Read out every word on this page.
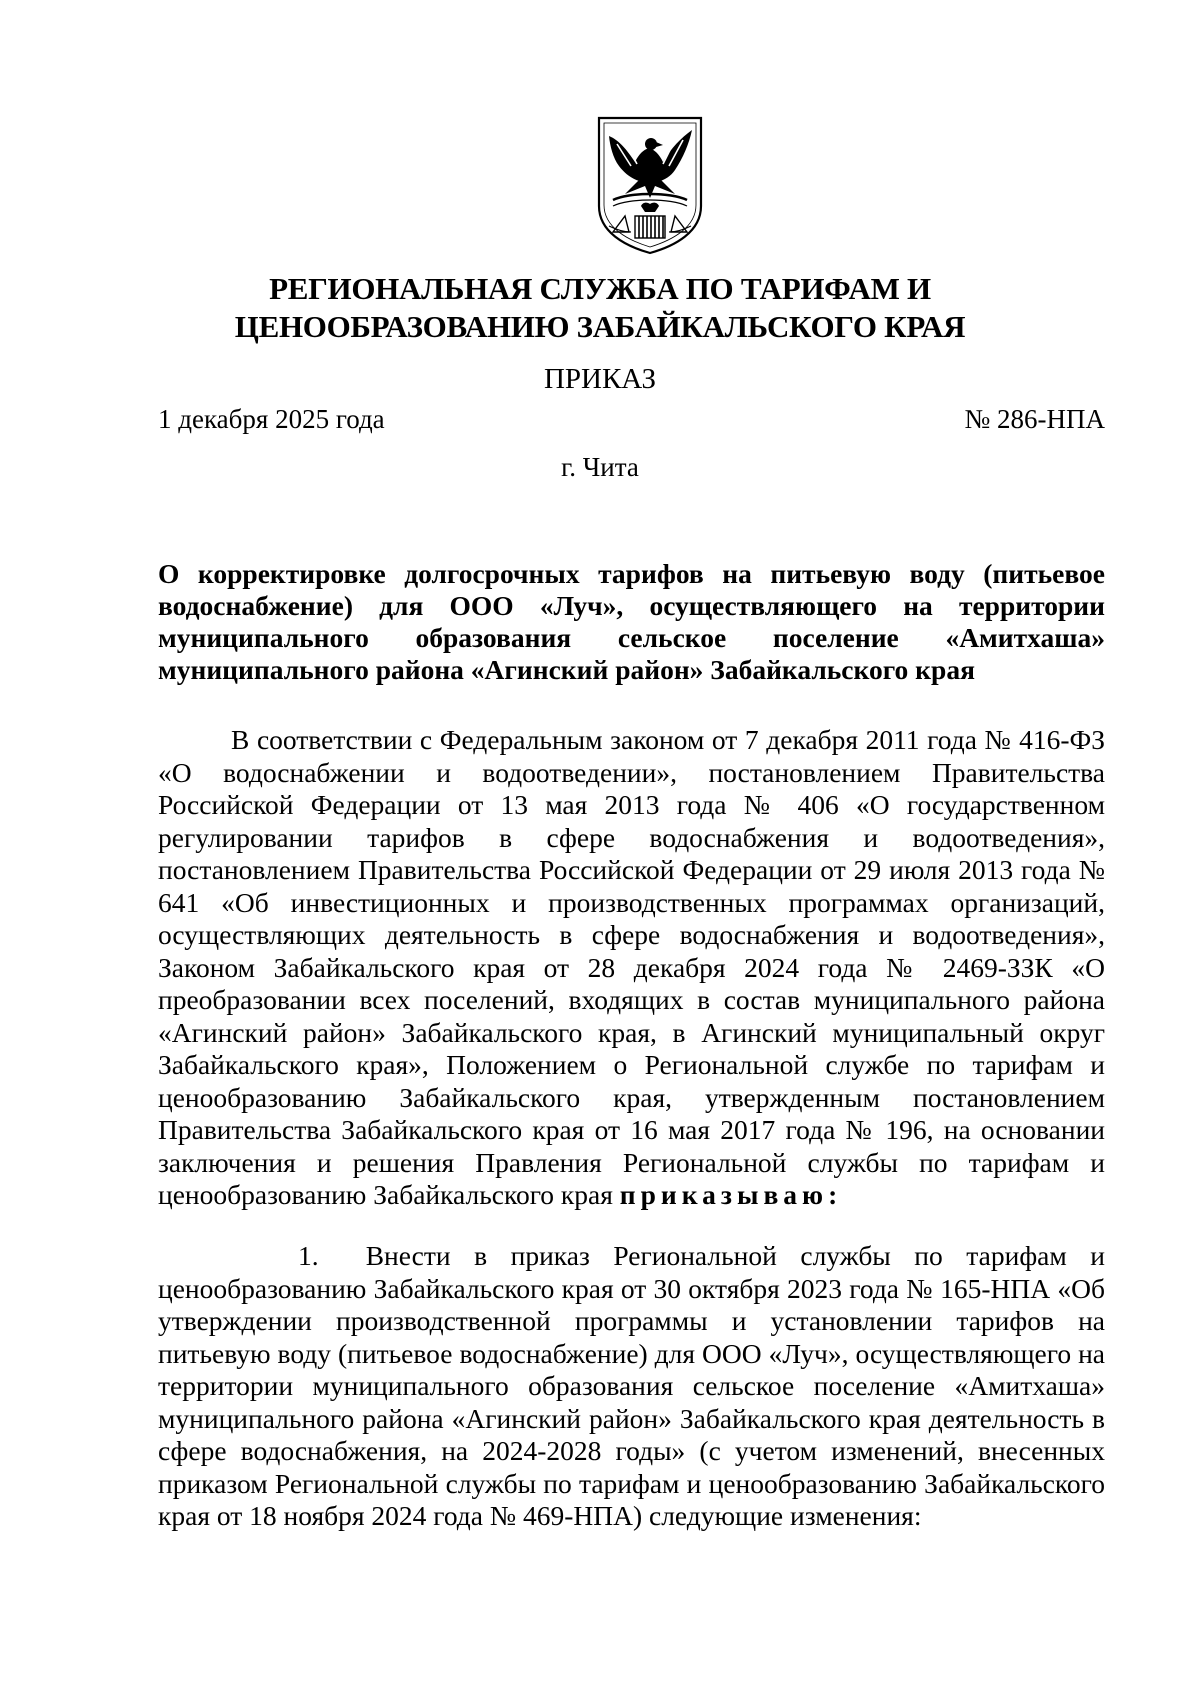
РЕГИОНАЛЬНАЯ СЛУЖБА ПО ТАРИФАМ И
ЦЕНООБРАЗОВАНИЮ ЗАБАЙКАЛЬСКОГО КРАЯ
ПРИКАЗ
1 декабря 2025 года	№ 286-НПА
г. Чита
О корректировке долгосрочных тарифов на питьевую воду (питьевое водоснабжение) для ООО «Луч», осуществляющего на территории муниципального образования сельское поселение «Амитхаша» муниципального района «Агинский район» Забайкальского края
В соответствии с Федеральным законом от 7 декабря 2011 года № 416-ФЗ «О водоснабжении и водоотведении», постановлением Правительства Российской Федерации от 13 мая 2013 года № 406 «О государственном регулировании тарифов в сфере водоснабжения и водоотведения», постановлением Правительства Российской Федерации от 29 июля 2013 года № 641 «Об инвестиционных и производственных программах организаций, осуществляющих деятельность в сфере водоснабжения и водоотведения», Законом Забайкальского края от 28 декабря 2024 года № 2469-ЗЗК «О преобразовании всех поселений, входящих в состав муниципального района «Агинский район» Забайкальского края, в Агинский муниципальный округ Забайкальского края», Положением о Региональной службе по тарифам и ценообразованию Забайкальского края, утвержденным постановлением Правительства Забайкальского края от 16 мая 2017 года № 196, на основании заключения и решения Правления Региональной службы по тарифам и ценообразованию Забайкальского края приказываю:
1. Внести в приказ Региональной службы по тарифам и ценообразованию Забайкальского края от 30 октября 2023 года № 165-НПА «Об утверждении производственной программы и установлении тарифов на питьевую воду (питьевое водоснабжение) для ООО «Луч», осуществляющего на территории муниципального образования сельское поселение «Амитхаша» муниципального района «Агинский район» Забайкальского края деятельность в сфере водоснабжения, на 2024-2028 годы» (с учетом изменений, внесенных приказом Региональной службы по тарифам и ценообразованию Забайкальского края от 18 ноября 2024 года № 469-НПА) следующие изменения:
